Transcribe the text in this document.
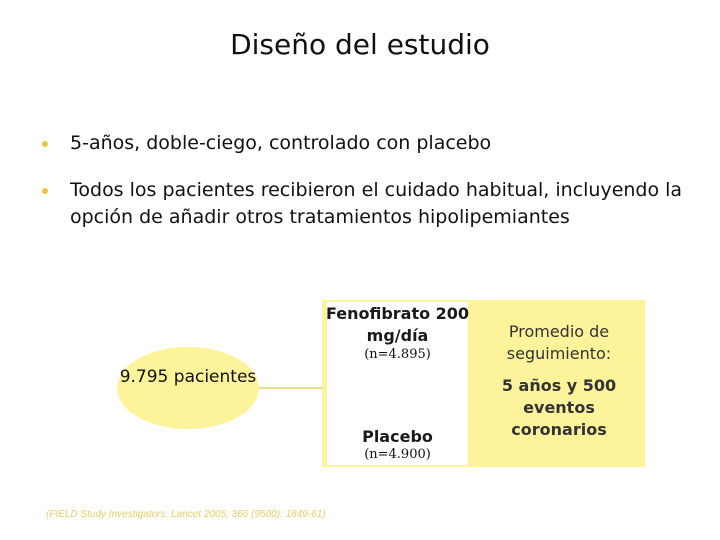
Diseño del estudio
5-años, doble-ciego, controlado con placebo
Todos los pacientes recibieron el cuidado habitual, incluyendo la opción de añadir otros tratamientos hipolipemiantes
9.795 pacientes
Fenofibrato 200 mg/día
(n=4.895)
Placebo
(n=4.900)
Promedio de seguimiento:
5 años y 500 eventos coronarios
(FIELD Study Investigators. Lancet 2005; 366 (9500): 1849-61)
